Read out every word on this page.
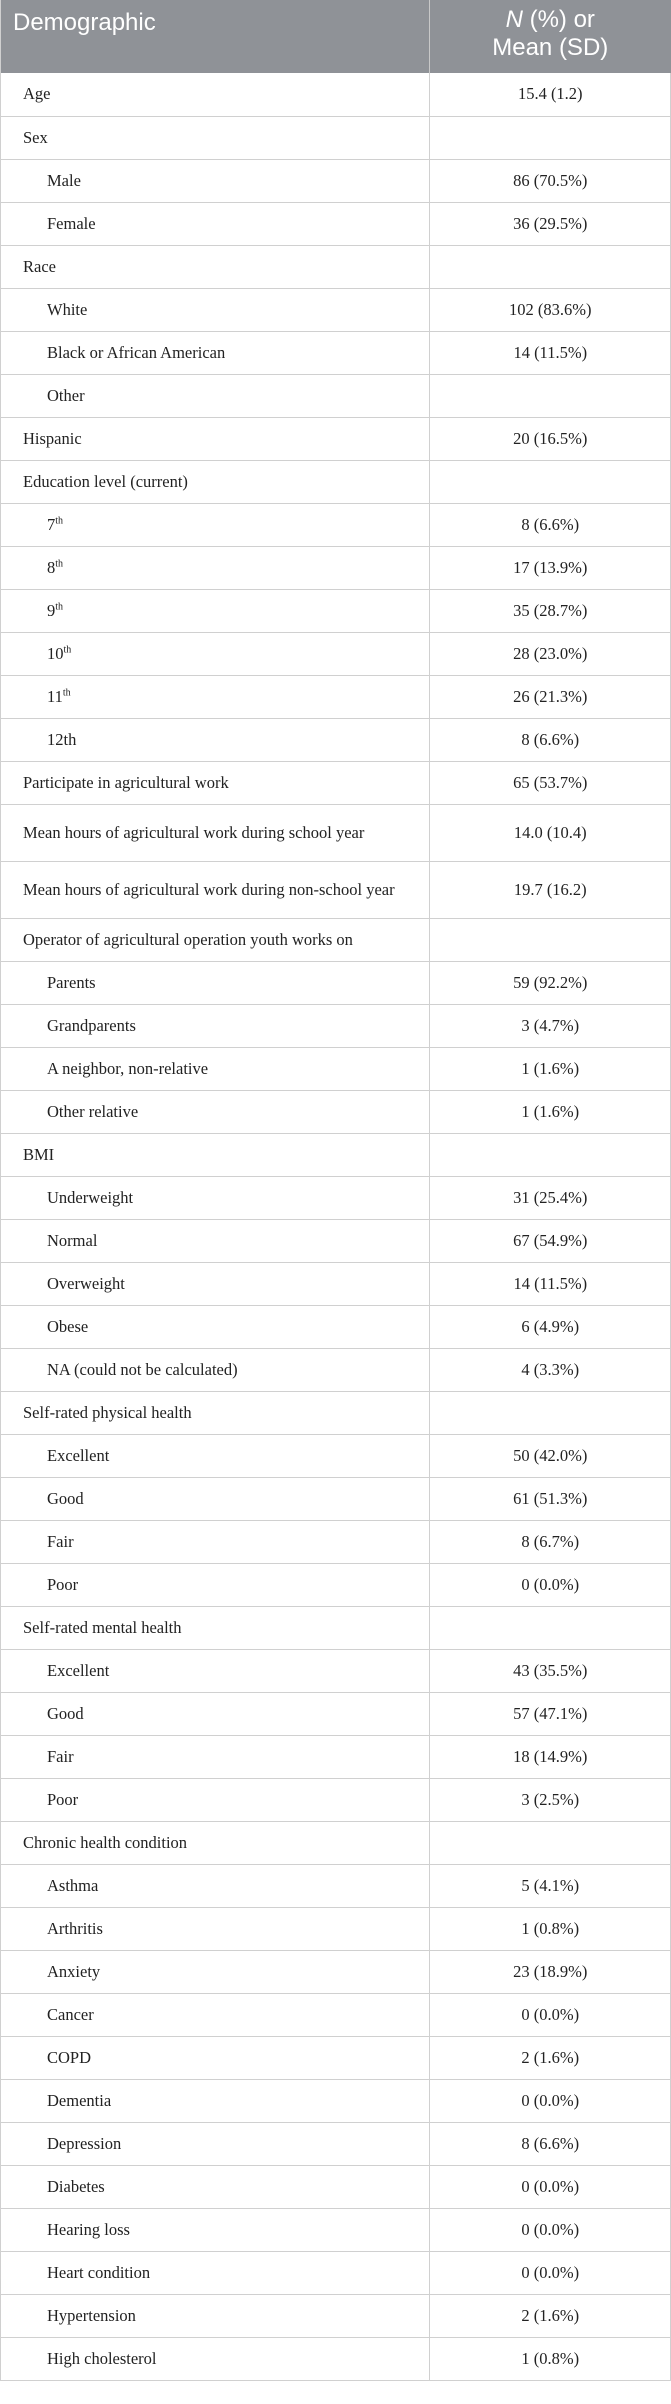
Demographic	N (%) or
Mean (SD)
Age	15.4 (1.2)
Sex	
Male	86 (70.5%)
Female	36 (29.5%)
Race	
White	102 (83.6%)
Black or African American	14 (11.5%)
Other	
Hispanic	20 (16.5%)
Education level (current)	
7th	8 (6.6%)
8th	17 (13.9%)
9th	35 (28.7%)
10th	28 (23.0%)
11th	26 (21.3%)
12th	8 (6.6%)
Participate in agricultural work	65 (53.7%)
Mean hours of agricultural work during school year	14.0 (10.4)
Mean hours of agricultural work during non-school year	19.7 (16.2)
Operator of agricultural operation youth works on	
Parents	59 (92.2%)
Grandparents	3 (4.7%)
A neighbor, non-relative	1 (1.6%)
Other relative	1 (1.6%)
BMI	
Underweight	31 (25.4%)
Normal	67 (54.9%)
Overweight	14 (11.5%)
Obese	6 (4.9%)
NA (could not be calculated)	4 (3.3%)
Self-rated physical health	
Excellent	50 (42.0%)
Good	61 (51.3%)
Fair	8 (6.7%)
Poor	0 (0.0%)
Self-rated mental health	
Excellent	43 (35.5%)
Good	57 (47.1%)
Fair	18 (14.9%)
Poor	3 (2.5%)
Chronic health condition	
Asthma	5 (4.1%)
Arthritis	1 (0.8%)
Anxiety	23 (18.9%)
Cancer	0 (0.0%)
COPD	2 (1.6%)
Dementia	0 (0.0%)
Depression	8 (6.6%)
Diabetes	0 (0.0%)
Hearing loss	0 (0.0%)
Heart condition	0 (0.0%)
Hypertension	2 (1.6%)
High cholesterol	1 (0.8%)
